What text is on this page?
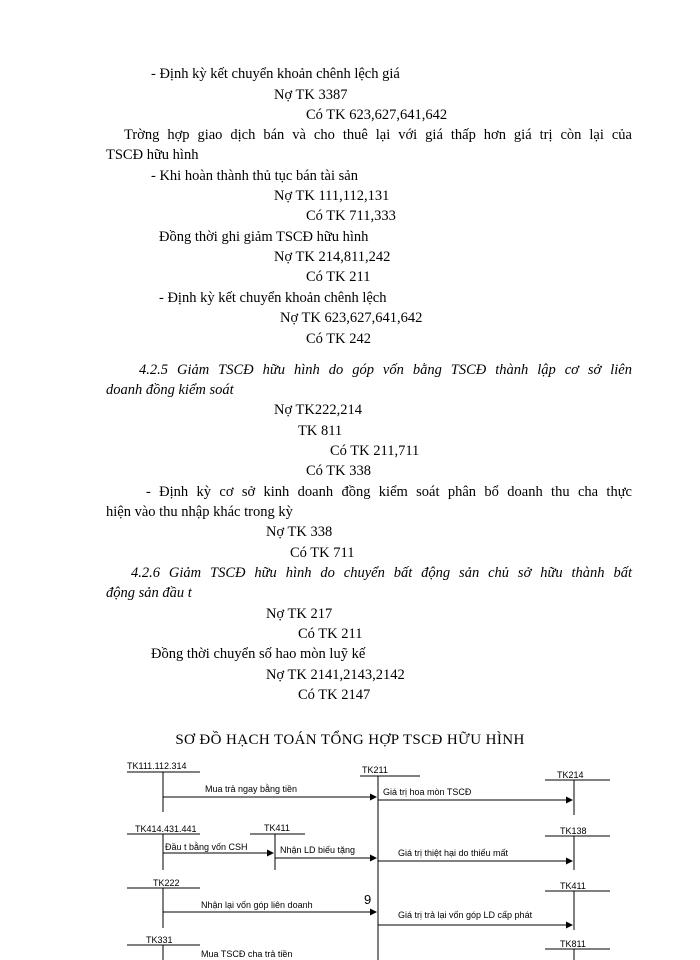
- Định kỳ kết chuyển khoản chênh lệch giá
Nợ TK 3387
Có TK 623,627,641,642
Trờng hợp giao dịch bán và cho thuê lại với giá thấp hơn giá trị còn lại của
TSCĐ hữu hình
- Khi hoàn thành thủ tục bán tài sản
Nợ TK 111,112,131
Có TK 711,333
Đồng thời ghi giảm TSCĐ hữu hình
Nợ TK 214,811,242
Có TK 211
- Định kỳ kết chuyển khoản chênh lệch
Nợ TK 623,627,641,642
Có TK 242
4.2.5 Giảm TSCĐ hữu hình do góp vốn bằng TSCĐ thành lập cơ sở liên
doanh đồng kiểm soát
Nợ TK222,214
TK 811
Có TK 211,711
Có TK 338
- Định kỳ cơ sở kinh doanh đồng kiểm soát phân bổ doanh thu cha thực
hiện vào thu nhập khác trong kỳ
Nợ TK 338
Có TK 711
4.2.6 Giảm TSCĐ hữu hình do chuyển bất động sản chủ sở hữu thành bất
động sản đầu t
Nợ TK 217
Có TK 211
Đồng thời chuyển số hao mòn luỹ kế
Nợ TK 2141,2143,2142
Có TK 2147
SƠ ĐỒ HẠCH TOÁN TỔNG HỢP TSCĐ HỮU HÌNH
TK111.112.314	TK211	TK214
TK414.431.441	TK411	TK138
TK222	TK411
TK331	TK811
Mua trả ngay bằng tiền	Giá trị hoa mòn TSCĐ
Đầu t bằng vốn CSH	Nhận LD biếu tặng	Giá trị thiệt hại do thiếu mất
Nhận lại vốn góp liên doanh
Giá trị trả lại vốn góp LD cấp phát
Mua TSCĐ cha trả tiền
9
